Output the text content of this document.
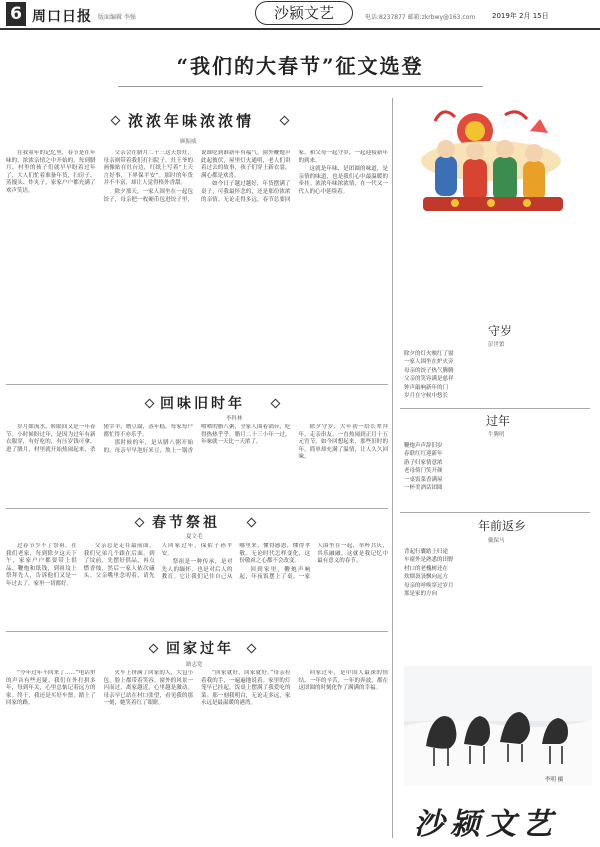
6 周口日报 版面编辑 李强	沙颍文艺	电话:8237877 邮箱:zkrbwy@163.com 2019年 2月 15日
“我们的大春节”征文选登
浓浓年味浓浓情
顾振威

在我童年的记忆里，春节是在年味的、浓浓亲情之中开始的。每到腊月，村里的孩子们就早早盼着过年了，大人们忙着准备年货，扫房子、蒸馒头、炸丸子，家家户户都充满了欢声笑语。

父亲会在腊月二十三这天祭灶，母亲则带着我们打扫院子。灶王爷的画像贴在灶台边，红纸上写着“上天言好事，下界保平安”。那时的年货并不丰富，却让人觉得格外香甜。

除夕那天，一家人围坐在一起包饺子，母亲把一枚硬币包进饺子里，说谁吃到谁新年有福气。窗外鞭炮声此起彼伏，屋里灯火通明，老人们讲着过去的故事，孩子们穿上新衣裳，满心都是欢喜。

如今日子越过越好，年货摆满了桌子，可我最怀念的，还是那份浓浓的亲情。无论走得多远，春节总要回家，和父母一起守岁，一起迎接新年的到来。

这就是年味，是团圆的味道，是亲情的味道，也是我们心中最温暖的牵挂。浓浓年味浓浓情，在一代又一代人的心中延续着。

回味旧时年
李科林

岁月如流水，转眼间又是一年春节。小时候盼过年，是因为过年有新衣服穿，有好吃的，有压岁钱可拿。进了腊月，村里就开始热闹起来，杀猪宰羊，磨豆腐，蒸年糕，每家每户都忙得不亦乐乎。

那时候的年，是从腊八粥开始的。母亲早早泡好米豆，熬上一锅香喷喷的腊八粥，全家人围着锅台，吃得热热乎乎。腊月二十三小年一过，年味就一天比一天浓了。

除夕守岁，大年初一给长辈拜年，走亲串友，一直热闹到正月十五元宵节。如今回想起来，那些旧时的年，简单却充满了温情，让人久久回味。

春节祭祖
夏文毛

过春节少不了祭祖。在我们老家，每到除夕这天下午，家家户户都要带上供品、鞭炮和纸钱，到祖坟上祭拜先人，告诉他们又是一年过去了，家里一切都好。

父亲总是走在最前面，我们兄弟几个跟在后面。到了坟前，先摆好供品，再点燃香烛，然后一家人依次磕头。父亲嘴里念叨着，请先人回家过年，保佑子孙平安。

祭祖是一种传承，是对先人的缅怀，也是对后人的教育。它让我们记住自己从哪里来，懂得感恩，懂得孝敬。无论时代怎样变化，这份敬祖之心都不会改变。

回到家里，鞭炮声响起，年夜饭摆上了桌。一家人围坐在一起，举杯共庆，其乐融融。这就是我记忆中最有意义的春节。

回家过年
路志宽

“今年过年不回来了……”电话里的声音有些迟疑。我们在外打拼多年，每到年关，心里总惦记着远方的家。终于，我还是买好车票，踏上了回家的路。

火车上挤满了回家的人，大包小包，脸上都带着笑容。窗外的风景一闪而过，离家越近，心里越是激动。母亲早已站在村口张望，看见我的那一刻，她笑着红了眼眶。

“回家就好，回家就好。”母亲拉着我的手，一遍遍地说着。家里的灯笼早已挂起，饭桌上摆满了我爱吃的菜。那一刻我明白，无论走多远，家永远是最温暖的港湾。

回家过年，是中国人最深的情结。一年的辛苦，一年的奔波，都在这团圆的时刻化作了满满的幸福。

守岁
彭世繁
除夕的灯火映红了窗
一家人围坐在炉火旁
母亲的饺子热气腾腾
父亲的笑容满是慈祥
钟声敲响新年的门
岁月在守候中悠长
过年
牛腾明
鞭炮声声辞旧岁
春联红红迎新年
游子归家情意浓
老母倚门笑开颜
一桌饭菜香满屋
一杯美酒话团圆
年前返乡
戴保马
背起行囊踏上归途
车窗外是熟悉的田野
村口的老槐树还在
炊烟袅袅飘向远方
母亲的呼唤穿过岁月
那是家的方向
李明 摄
沙颍文艺
